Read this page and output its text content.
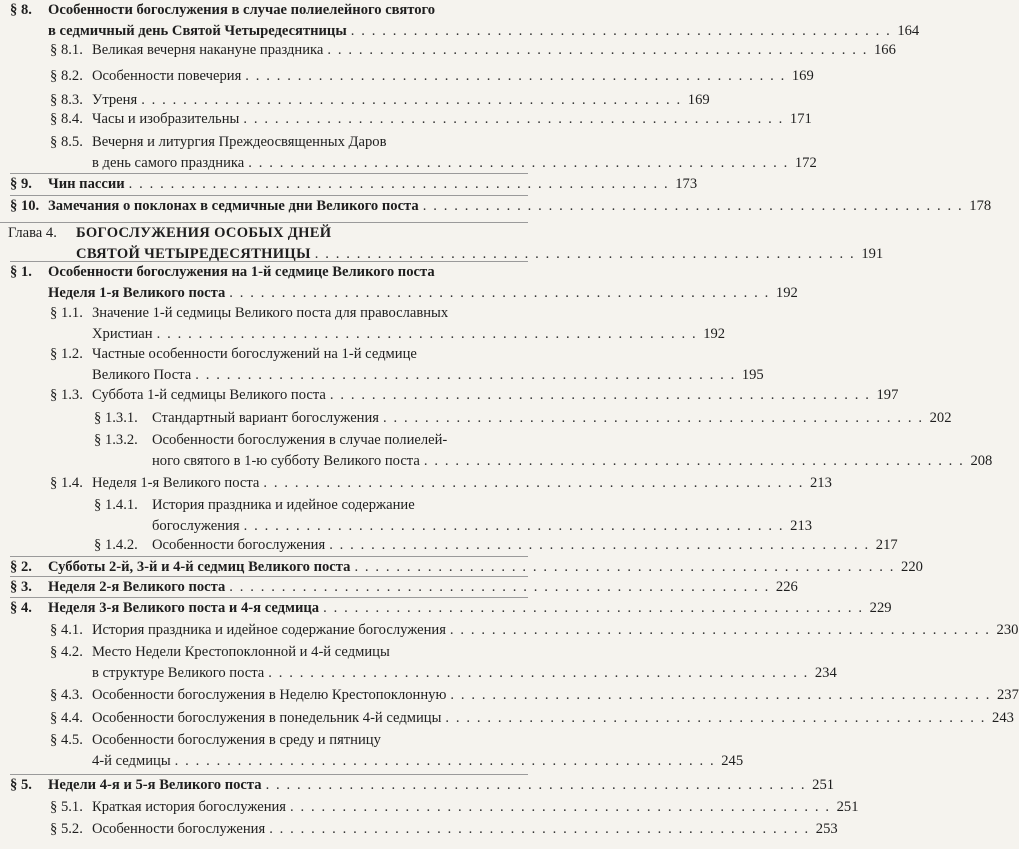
§ 8.	Особенности богослужения в случае полиелейного святого
в седмичный день Святой Четыредесятницы . . . . . . . . . . . . . . . . . . . . . . . . . . . . . . . . . . . . . . . . . . . . . . . . . . . . 164
§ 8.1. Великая вечерня накануне праздника . . . . . . . . . . . . . . . . . . . . . . . . . . . . . . . . . . . . . . . . . . . . . . . . . . . . 166
§ 8.2. Особенности повечерия . . . . . . . . . . . . . . . . . . . . . . . . . . . . . . . . . . . . . . . . . . . . . . . . . . . . 169
§ 8.3. Утреня . . . . . . . . . . . . . . . . . . . . . . . . . . . . . . . . . . . . . . . . . . . . . . . . . . . . 169
§ 8.4. Часы и изобразительны . . . . . . . . . . . . . . . . . . . . . . . . . . . . . . . . . . . . . . . . . . . . . . . . . . . . 171
§ 8.5. Вечерня и литургия Преждеосвященных Даров
в день самого праздника . . . . . . . . . . . . . . . . . . . . . . . . . . . . . . . . . . . . . . . . . . . . . . . . . . . . 172
§ 9.	Чин пассии . . . . . . . . . . . . . . . . . . . . . . . . . . . . . . . . . . . . . . . . . . . . . . . . . . . . 173
§ 10. Замечания о поклонах в седмичные дни Великого поста . . . . . . . . . . . . . . . . . . . . . . . . . . . . . . . . . . . . . . . . . . . . . . . . . . . . 178
Глава 4.	БОГОСЛУЖЕНИЯ ОСОБЫХ ДНЕЙ
СВЯТОЙ ЧЕТЫРЕДЕСЯТНИЦЫ . . . . . . . . . . . . . . . . . . . . . . . . . . . . . . . . . . . . . . . . . . . . . . . . . . . . 191
§ 1.	Особенности богослужения на 1-й седмице Великого поста
Неделя 1-я Великого поста . . . . . . . . . . . . . . . . . . . . . . . . . . . . . . . . . . . . . . . . . . . . . . . . . . . . 192
§ 1.1. Значение 1-й седмицы Великого поста для православных
Христиан . . . . . . . . . . . . . . . . . . . . . . . . . . . . . . . . . . . . . . . . . . . . . . . . . . . . 192
§ 1.2. Частные особенности богослужений на 1-й седмице
Великого Поста . . . . . . . . . . . . . . . . . . . . . . . . . . . . . . . . . . . . . . . . . . . . . . . . . . . . 195
§ 1.3. Суббота 1-й седмицы Великого поста . . . . . . . . . . . . . . . . . . . . . . . . . . . . . . . . . . . . . . . . . . . . . . . . . . . . 197
§ 1.3.1. Стандартный вариант богослужения . . . . . . . . . . . . . . . . . . . . . . . . . . . . . . . . . . . . . . . . . . . . . . . . . . . . 202
§ 1.3.2. Особенности богослужения в случае полиелей-
ного святого в 1-ю субботу Великого поста . . . . . . . . . . . . . . . . . . . . . . . . . . . . . . . . . . . . . . . . . . . . . . . . . . . . 208
§ 1.4. Неделя 1-я Великого поста . . . . . . . . . . . . . . . . . . . . . . . . . . . . . . . . . . . . . . . . . . . . . . . . . . . . 213
§ 1.4.1. История праздника и идейное содержание
богослужения . . . . . . . . . . . . . . . . . . . . . . . . . . . . . . . . . . . . . . . . . . . . . . . . . . . . 213
§ 1.4.2. Особенности богослужения . . . . . . . . . . . . . . . . . . . . . . . . . . . . . . . . . . . . . . . . . . . . . . . . . . . . 217
§ 2.	Субботы 2-й, 3-й и 4-й седмиц Великого поста . . . . . . . . . . . . . . . . . . . . . . . . . . . . . . . . . . . . . . . . . . . . . . . . . . . . 220
§ 3.	Неделя 2-я Великого поста . . . . . . . . . . . . . . . . . . . . . . . . . . . . . . . . . . . . . . . . . . . . . . . . . . . . 226
§ 4.	Неделя 3-я Великого поста и 4-я седмица . . . . . . . . . . . . . . . . . . . . . . . . . . . . . . . . . . . . . . . . . . . . . . . . . . . . 229
§ 4.1. История праздника и идейное содержание богослужения . . . . . . . . . . . . . . . . . . . . . . . . . . . . . . . . . . . . . . . . . . . . . . . . . . . . 230
§ 4.2. Место Недели Крестопоклонной и 4-й седмицы
в структуре Великого поста . . . . . . . . . . . . . . . . . . . . . . . . . . . . . . . . . . . . . . . . . . . . . . . . . . . . 234
§ 4.3. Особенности богослужения в Неделю Крестопоклонную . . . . . . . . . . . . . . . . . . . . . . . . . . . . . . . . . . . . . . . . . . . . . . . . . . . . 237
§ 4.4. Особенности богослужения в понедельник 4-й седмицы . . . . . . . . . . . . . . . . . . . . . . . . . . . . . . . . . . . . . . . . . . . . . . . . . . . . 243
§ 4.5. Особенности богослужения в среду и пятницу
4-й седмицы . . . . . . . . . . . . . . . . . . . . . . . . . . . . . . . . . . . . . . . . . . . . . . . . . . . . 245
§ 5.	Недели 4-я и 5-я Великого поста . . . . . . . . . . . . . . . . . . . . . . . . . . . . . . . . . . . . . . . . . . . . . . . . . . . . 251
§ 5.1. Краткая история богослужения . . . . . . . . . . . . . . . . . . . . . . . . . . . . . . . . . . . . . . . . . . . . . . . . . . . . 251
§ 5.2. Особенности богослужения . . . . . . . . . . . . . . . . . . . . . . . . . . . . . . . . . . . . . . . . . . . . . . . . . . . . 253
